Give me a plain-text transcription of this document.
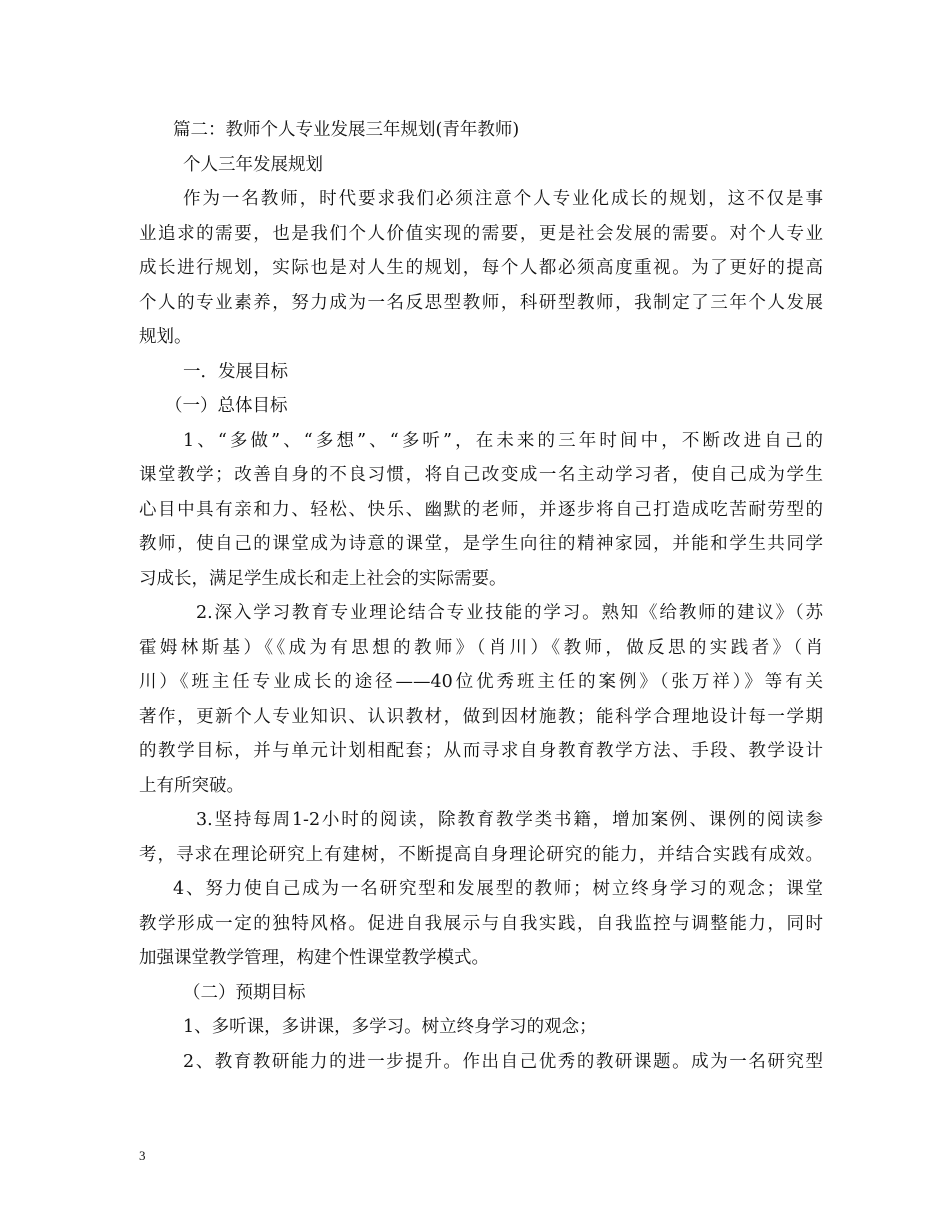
篇二：教师个人专业发展三年规划(青年教师)
个人三年发展规划
作为一名教师，时代要求我们必须注意个人专业化成长的规划，这不仅是事
业追求的需要，也是我们个人价值实现的需要，更是社会发展的需要。对个人专业
成长进行规划，实际也是对人生的规划，每个人都必须高度重视。为了更好的提高
个人的专业素养，努力成为一名反思型教师，科研型教师，我制定了三年个人发展
规划。
一．发展目标
（一）总体目标
1、“多做”、“多想”、“多听”，在未来的三年时间中，不断改进自己的
课堂教学；改善自身的不良习惯，将自己改变成一名主动学习者，使自己成为学生
心目中具有亲和力、轻松、快乐、幽默的老师，并逐步将自己打造成吃苦耐劳型的
教师，使自己的课堂成为诗意的课堂，是学生向往的精神家园，并能和学生共同学
习成长，满足学生成长和走上社会的实际需要。
2.深入学习教育专业理论结合专业技能的学习。熟知《给教师的建议》（苏
霍姆林斯基）《《成为有思想的教师》（肖川）《教师，做反思的实践者》（肖
川）《班主任专业成长的途径——40位优秀班主任的案例》（张万祥）》等有关
著作，更新个人专业知识、认识教材，做到因材施教；能科学合理地设计每一学期
的教学目标，并与单元计划相配套；从而寻求自身教育教学方法、手段、教学设计
上有所突破。
3.坚持每周1-2小时的阅读，除教育教学类书籍，增加案例、课例的阅读参
考，寻求在理论研究上有建树，不断提高自身理论研究的能力，并结合实践有成效。
4、努力使自己成为一名研究型和发展型的教师；树立终身学习的观念；课堂
教学形成一定的独特风格。促进自我展示与自我实践，自我监控与调整能力，同时
加强课堂教学管理，构建个性课堂教学模式。
（二）预期目标
1、多听课，多讲课，多学习。树立终身学习的观念；
2、教育教研能力的进一步提升。作出自己优秀的教研课题。成为一名研究型
3
